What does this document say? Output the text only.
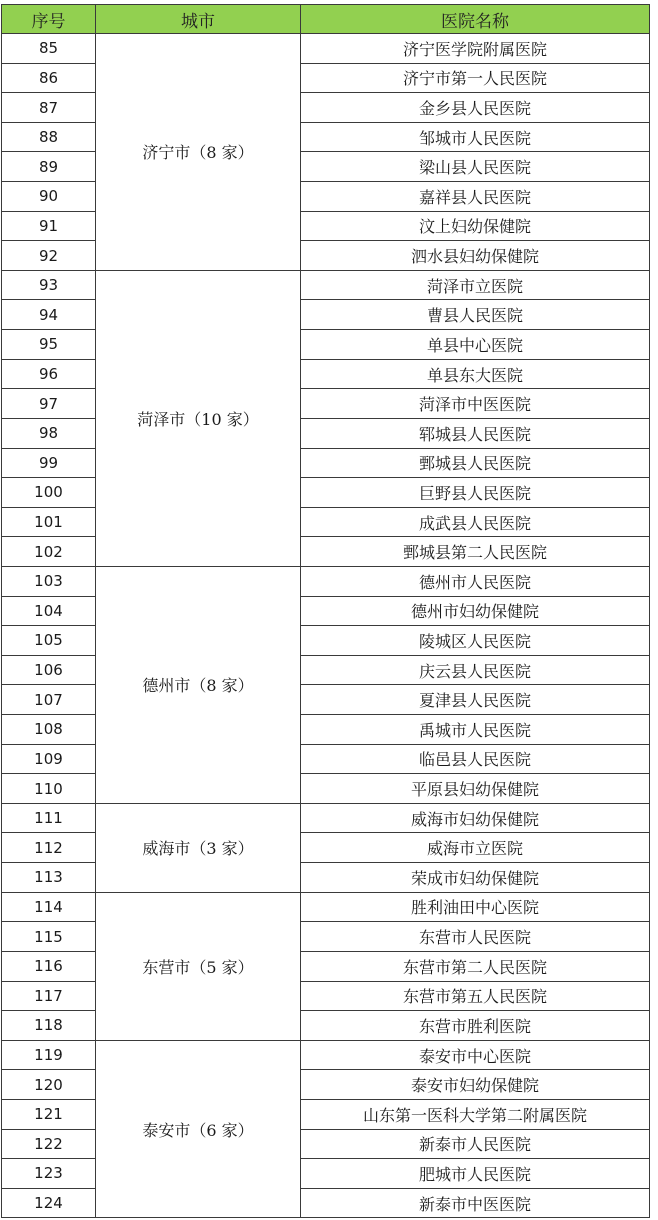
序号	城市	医院名称
85	济宁市（8 家）	济宁医学院附属医院
86		济宁市第一人民医院
87		金乡县人民医院
88		邹城市人民医院
89		梁山县人民医院
90		嘉祥县人民医院
91		汶上妇幼保健院
92		泗水县妇幼保健院
93	菏泽市（10 家）	菏泽市立医院
94		曹县人民医院
95		单县中心医院
96		单县东大医院
97		菏泽市中医医院
98		郓城县人民医院
99		鄄城县人民医院
100		巨野县人民医院
101		成武县人民医院
102		鄄城县第二人民医院
103	德州市（8 家）	德州市人民医院
104		德州市妇幼保健院
105		陵城区人民医院
106		庆云县人民医院
107		夏津县人民医院
108		禹城市人民医院
109		临邑县人民医院
110		平原县妇幼保健院
111	威海市（3 家）	威海市妇幼保健院
112		威海市立医院
113		荣成市妇幼保健院
114	东营市（5 家）	胜利油田中心医院
115		东营市人民医院
116		东营市第二人民医院
117		东营市第五人民医院
118		东营市胜利医院
119	泰安市（6 家）	泰安市中心医院
120		泰安市妇幼保健院
121		山东第一医科大学第二附属医院
122		新泰市人民医院
123		肥城市人民医院
124		新泰市中医医院
